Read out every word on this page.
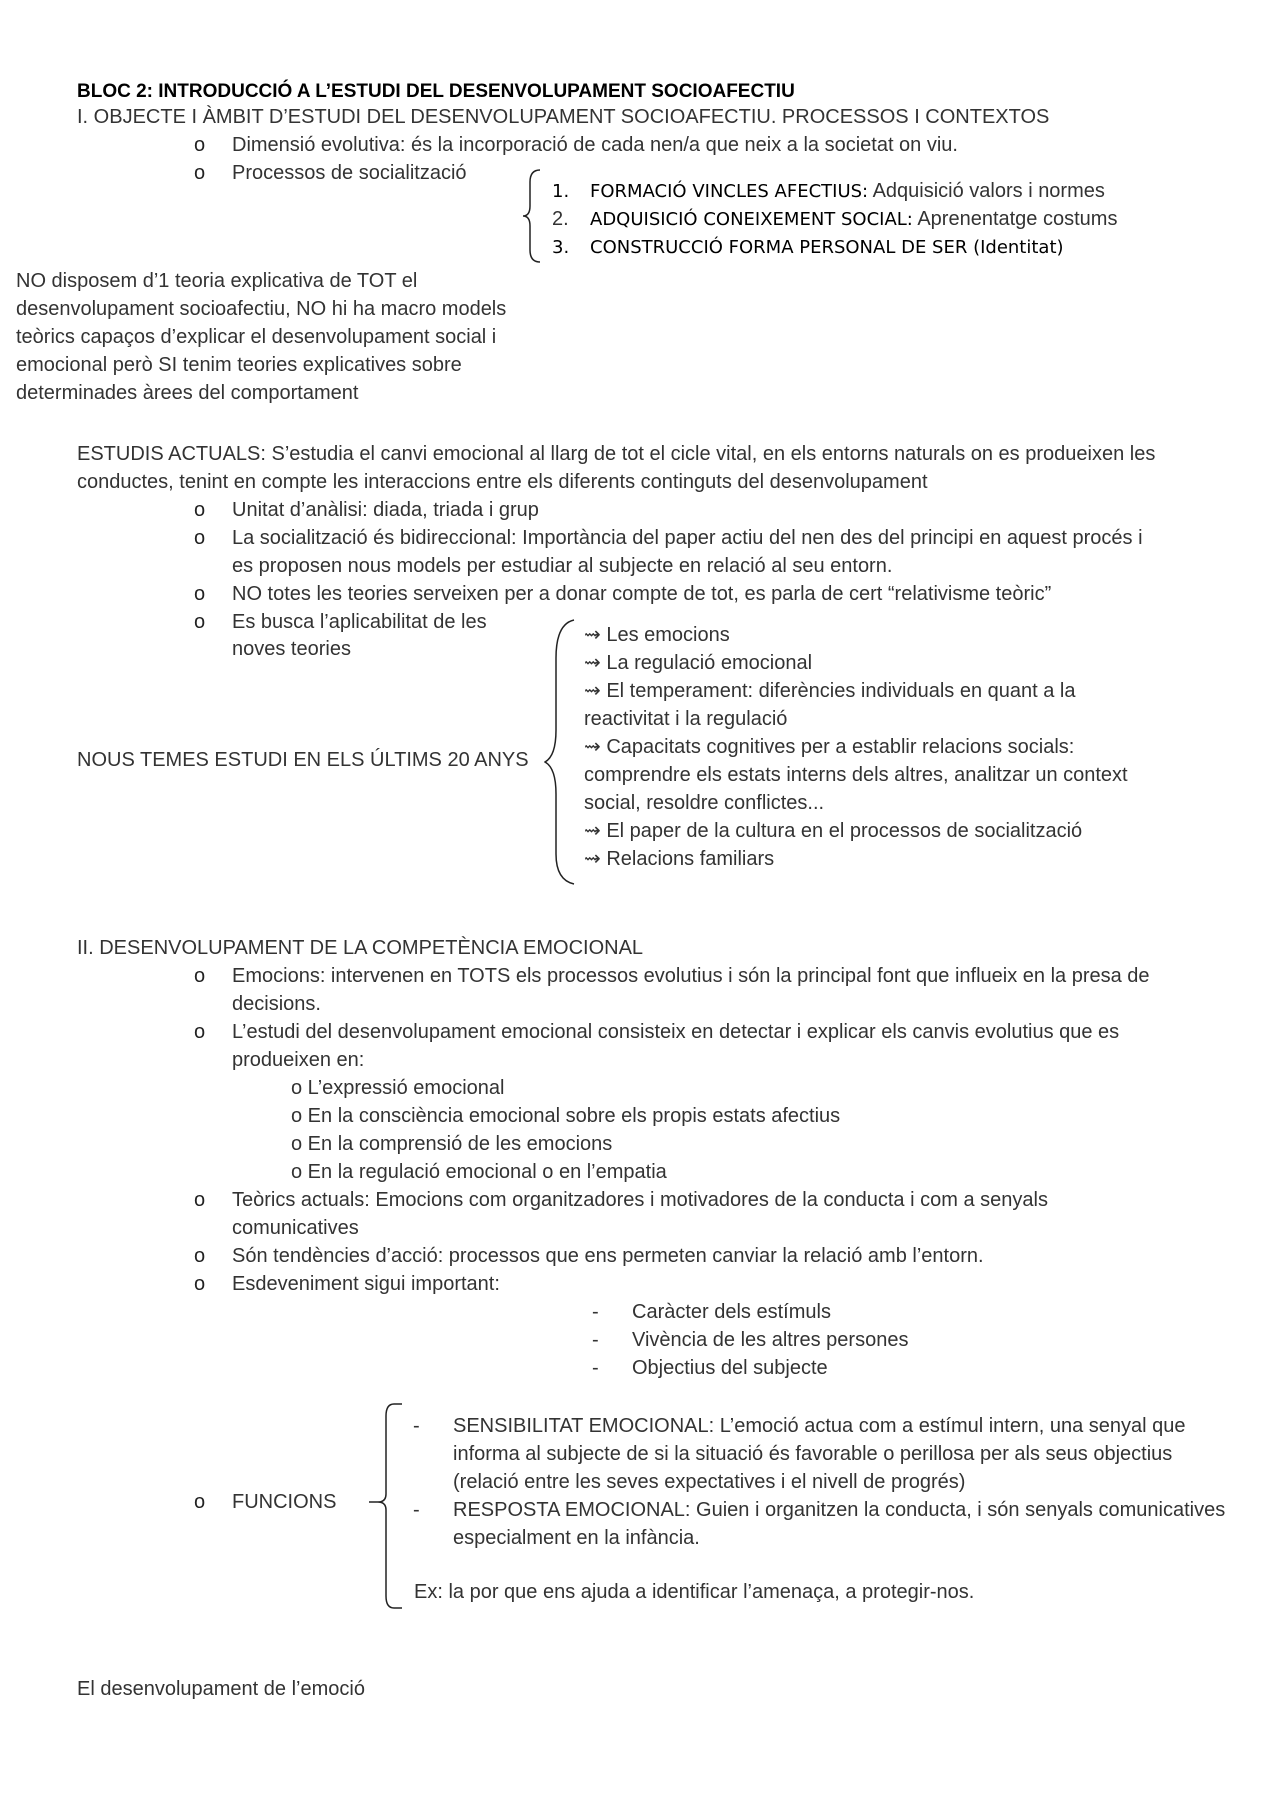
BLOC 2: INTRODUCCIÓ A L’ESTUDI DEL DESENVOLUPAMENT SOCIOAFECTIU
I. OBJECTE I ÀMBIT D’ESTUDI DEL DESENVOLUPAMENT SOCIOAFECTIU. PROCESSOS I CONTEXTOS
o Dimensió evolutiva: és la incorporació de cada nen/a que neix a la societat on viu.
o Processos de socialització
1. FORMACIÓ VINCLES AFECTIUS: Adquisició valors i normes
2. ADQUISICIÓ CONEIXEMENT SOCIAL: Aprenentatge costums
3. CONSTRUCCIÓ FORMA PERSONAL DE SER (Identitat)
NO disposem d’1 teoria explicativa de TOT el
desenvolupament socioafectiu, NO hi ha macro models
teòrics capaços d’explicar el desenvolupament social i
emocional però SI tenim teories explicatives sobre
determinades àrees del comportament
ESTUDIS ACTUALS: S’estudia el canvi emocional al llarg de tot el cicle vital, en els entorns naturals on es produeixen les
conductes, tenint en compte les interaccions entre els diferents continguts del desenvolupament
o Unitat d’anàlisi: diada, triada i grup
o La socialització és bidireccional: Importància del paper actiu del nen des del principi en aquest procés i
es proposen nous models per estudiar al subjecte en relació al seu entorn.
o NO totes les teories serveixen per a donar compte de tot, es parla de cert “relativisme teòric”
o Es busca l’aplicabilitat de les
noves teories
NOUS TEMES ESTUDI EN ELS ÚLTIMS 20 ANYS
⇝ Les emocions
⇝ La regulació emocional
⇝ El temperament: diferències individuals en quant a la
reactivitat i la regulació
⇝ Capacitats cognitives per a establir relacions socials:
comprendre els estats interns dels altres, analitzar un context
social, resoldre conflictes...
⇝ El paper de la cultura en el processos de socialització
⇝ Relacions familiars
II. DESENVOLUPAMENT DE LA COMPETÈNCIA EMOCIONAL
o Emocions: intervenen en TOTS els processos evolutius i són la principal font que influeix en la presa de
decisions.
o L’estudi del desenvolupament emocional consisteix en detectar i explicar els canvis evolutius que es
produeixen en:
o L’expressió emocional
o En la consciència emocional sobre els propis estats afectius
o En la comprensió de les emocions
o En la regulació emocional o en l’empatia
o Teòrics actuals: Emocions com organitzadores i motivadores de la conducta i com a senyals
comunicatives
o Són tendències d’acció: processos que ens permeten canviar la relació amb l’entorn.
o Esdeveniment sigui important:
- Caràcter dels estímuls
- Vivència de les altres persones
- Objectius del subjecte
o FUNCIONS
- SENSIBILITAT EMOCIONAL: L’emoció actua com a estímul intern, una senyal que
informa al subjecte de si la situació és favorable o perillosa per als seus objectius
(relació entre les seves expectatives i el nivell de progrés)
- RESPOSTA EMOCIONAL: Guien i organitzen la conducta, i són senyals comunicatives
especialment en la infància.
Ex: la por que ens ajuda a identificar l’amenaça, a protegir-nos.
El desenvolupament de l’emoció
